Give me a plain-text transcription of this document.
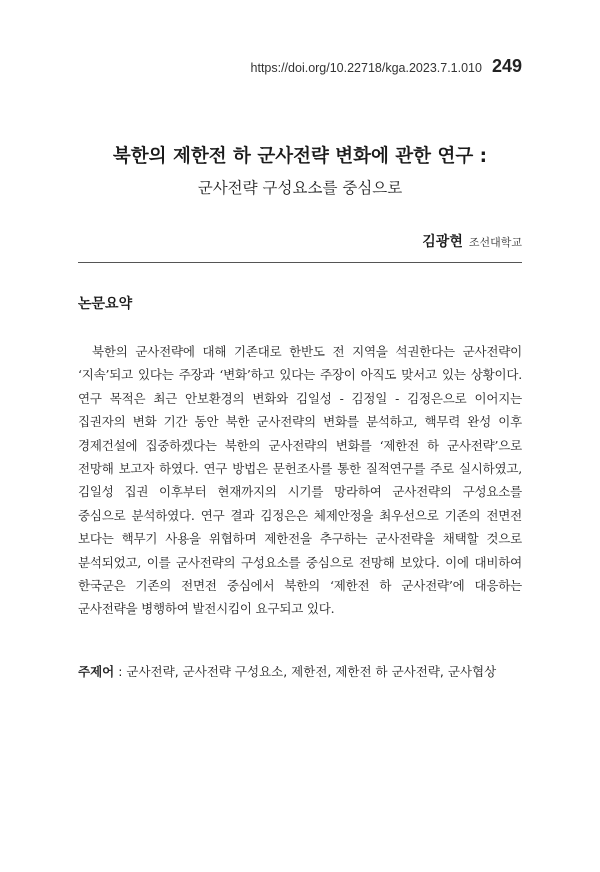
https://doi.org/10.22718/kga.2023.7.1.010 249
북한의 제한전 하 군사전략 변화에 관한 연구 :
군사전략 구성요소를 중심으로
김광현 조선대학교
논문요약

북한의 군사전략에 대해 기존대로 한반도 전 지역을 석권한다는 군사전략이 ‘지속’되고 있다는 주장과 ‘변화’하고 있다는 주장이 아직도 맞서고 있는 상황이다. 연구 목적은 최근 안보환경의 변화와 김일성 - 김정일 - 김정은으로 이어지는 집권자의 변화 기간 동안 북한 군사전략의 변화를 분석하고, 핵무력 완성 이후 경제건설에 집중하겠다는 북한의 군사전략의 변화를 ‘제한전 하 군사전략’으로 전망해 보고자 하였다. 연구 방법은 문헌조사를 통한 질적연구를 주로 실시하였고, 김일성 집권 이후부터 현재까지의 시기를 망라하여 군사전략의 구성요소를 중심으로 분석하였다. 연구 결과 김정은은 체제안정을 최우선으로 기존의 전면전 보다는 핵무기 사용을 위협하며 제한전을 추구하는 군사전략을 채택할 것으로 분석되었고, 이를 군사전략의 구성요소를 중심으로 전망해 보았다. 이에 대비하여 한국군은 기존의 전면전 중심에서 북한의 ‘제한전 하 군사전략’에 대응하는 군사전략을 병행하여 발전시킴이 요구되고 있다.

주제어 : 군사전략, 군사전략 구성요소, 제한전, 제한전 하 군사전략, 군사협상
